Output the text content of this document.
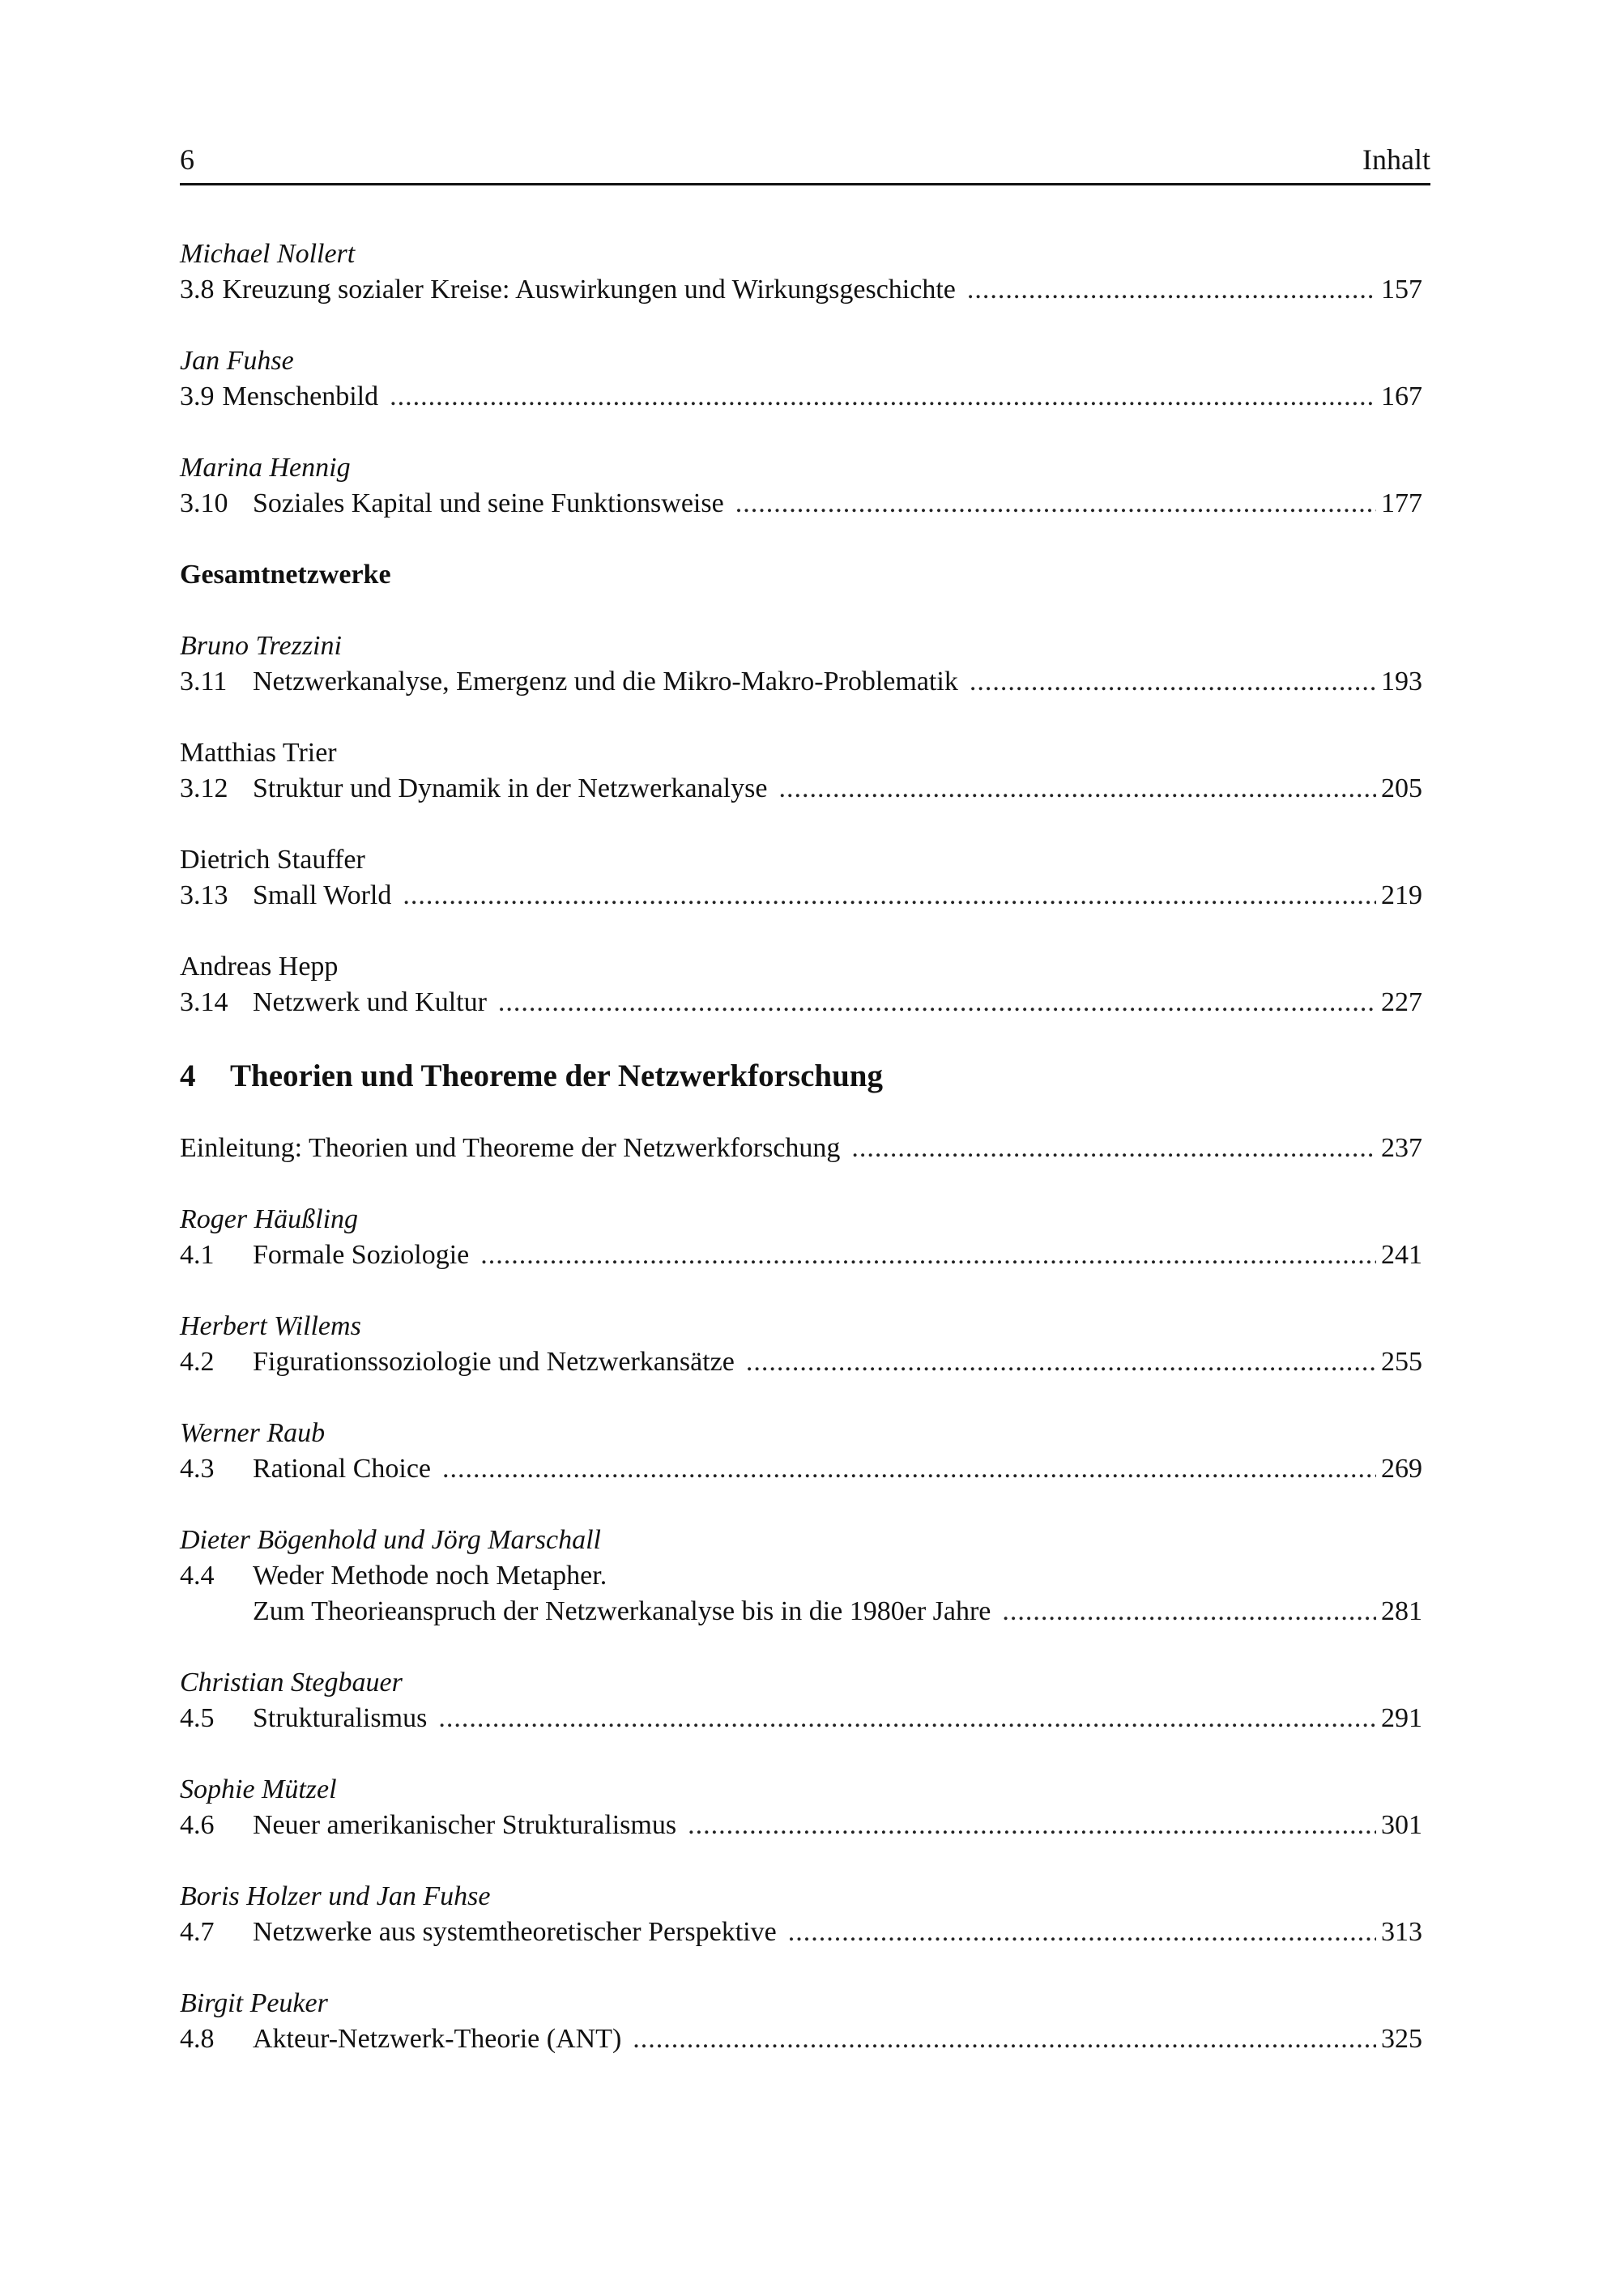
6	Inhalt
Michael Nollert
3.8 Kreuzung sozialer Kreise: Auswirkungen und Wirkungsgeschichte .....	157
Jan Fuhse
3.9 Menschenbild .....	167
Marina Hennig
3.10 Soziales Kapital und seine Funktionsweise .....	177
Gesamtnetzwerke
Bruno Trezzini
3.11 Netzwerkanalyse, Emergenz und die Mikro-Makro-Problematik .....	193
Matthias Trier
3.12 Struktur und Dynamik in der Netzwerkanalyse .....	205
Dietrich Stauffer
3.13 Small World .....	219
Andreas Hepp
3.14 Netzwerk und Kultur .....	227
4	Theorien und Theoreme der Netzwerkforschung
Einleitung: Theorien und Theoreme der Netzwerkforschung .....	237
Roger Häußling
4.1	Formale Soziologie .....	241
Herbert Willems
4.2	Figurationssoziologie und Netzwerkansätze .....	255
Werner Raub
4.3	Rational Choice .....	269
Dieter Bögenhold und Jörg Marschall
4.4	Weder Methode noch Metapher.
Zum Theorieanspruch der Netzwerkanalyse bis in die 1980er Jahre .....	281
Christian Stegbauer
4.5	Strukturalismus .....	291
Sophie Mützel
4.6	Neuer amerikanischer Strukturalismus .....	301
Boris Holzer und Jan Fuhse
4.7	Netzwerke aus systemtheoretischer Perspektive .....	313
Birgit Peuker
4.8	Akteur-Netzwerk-Theorie (ANT) .....	325
